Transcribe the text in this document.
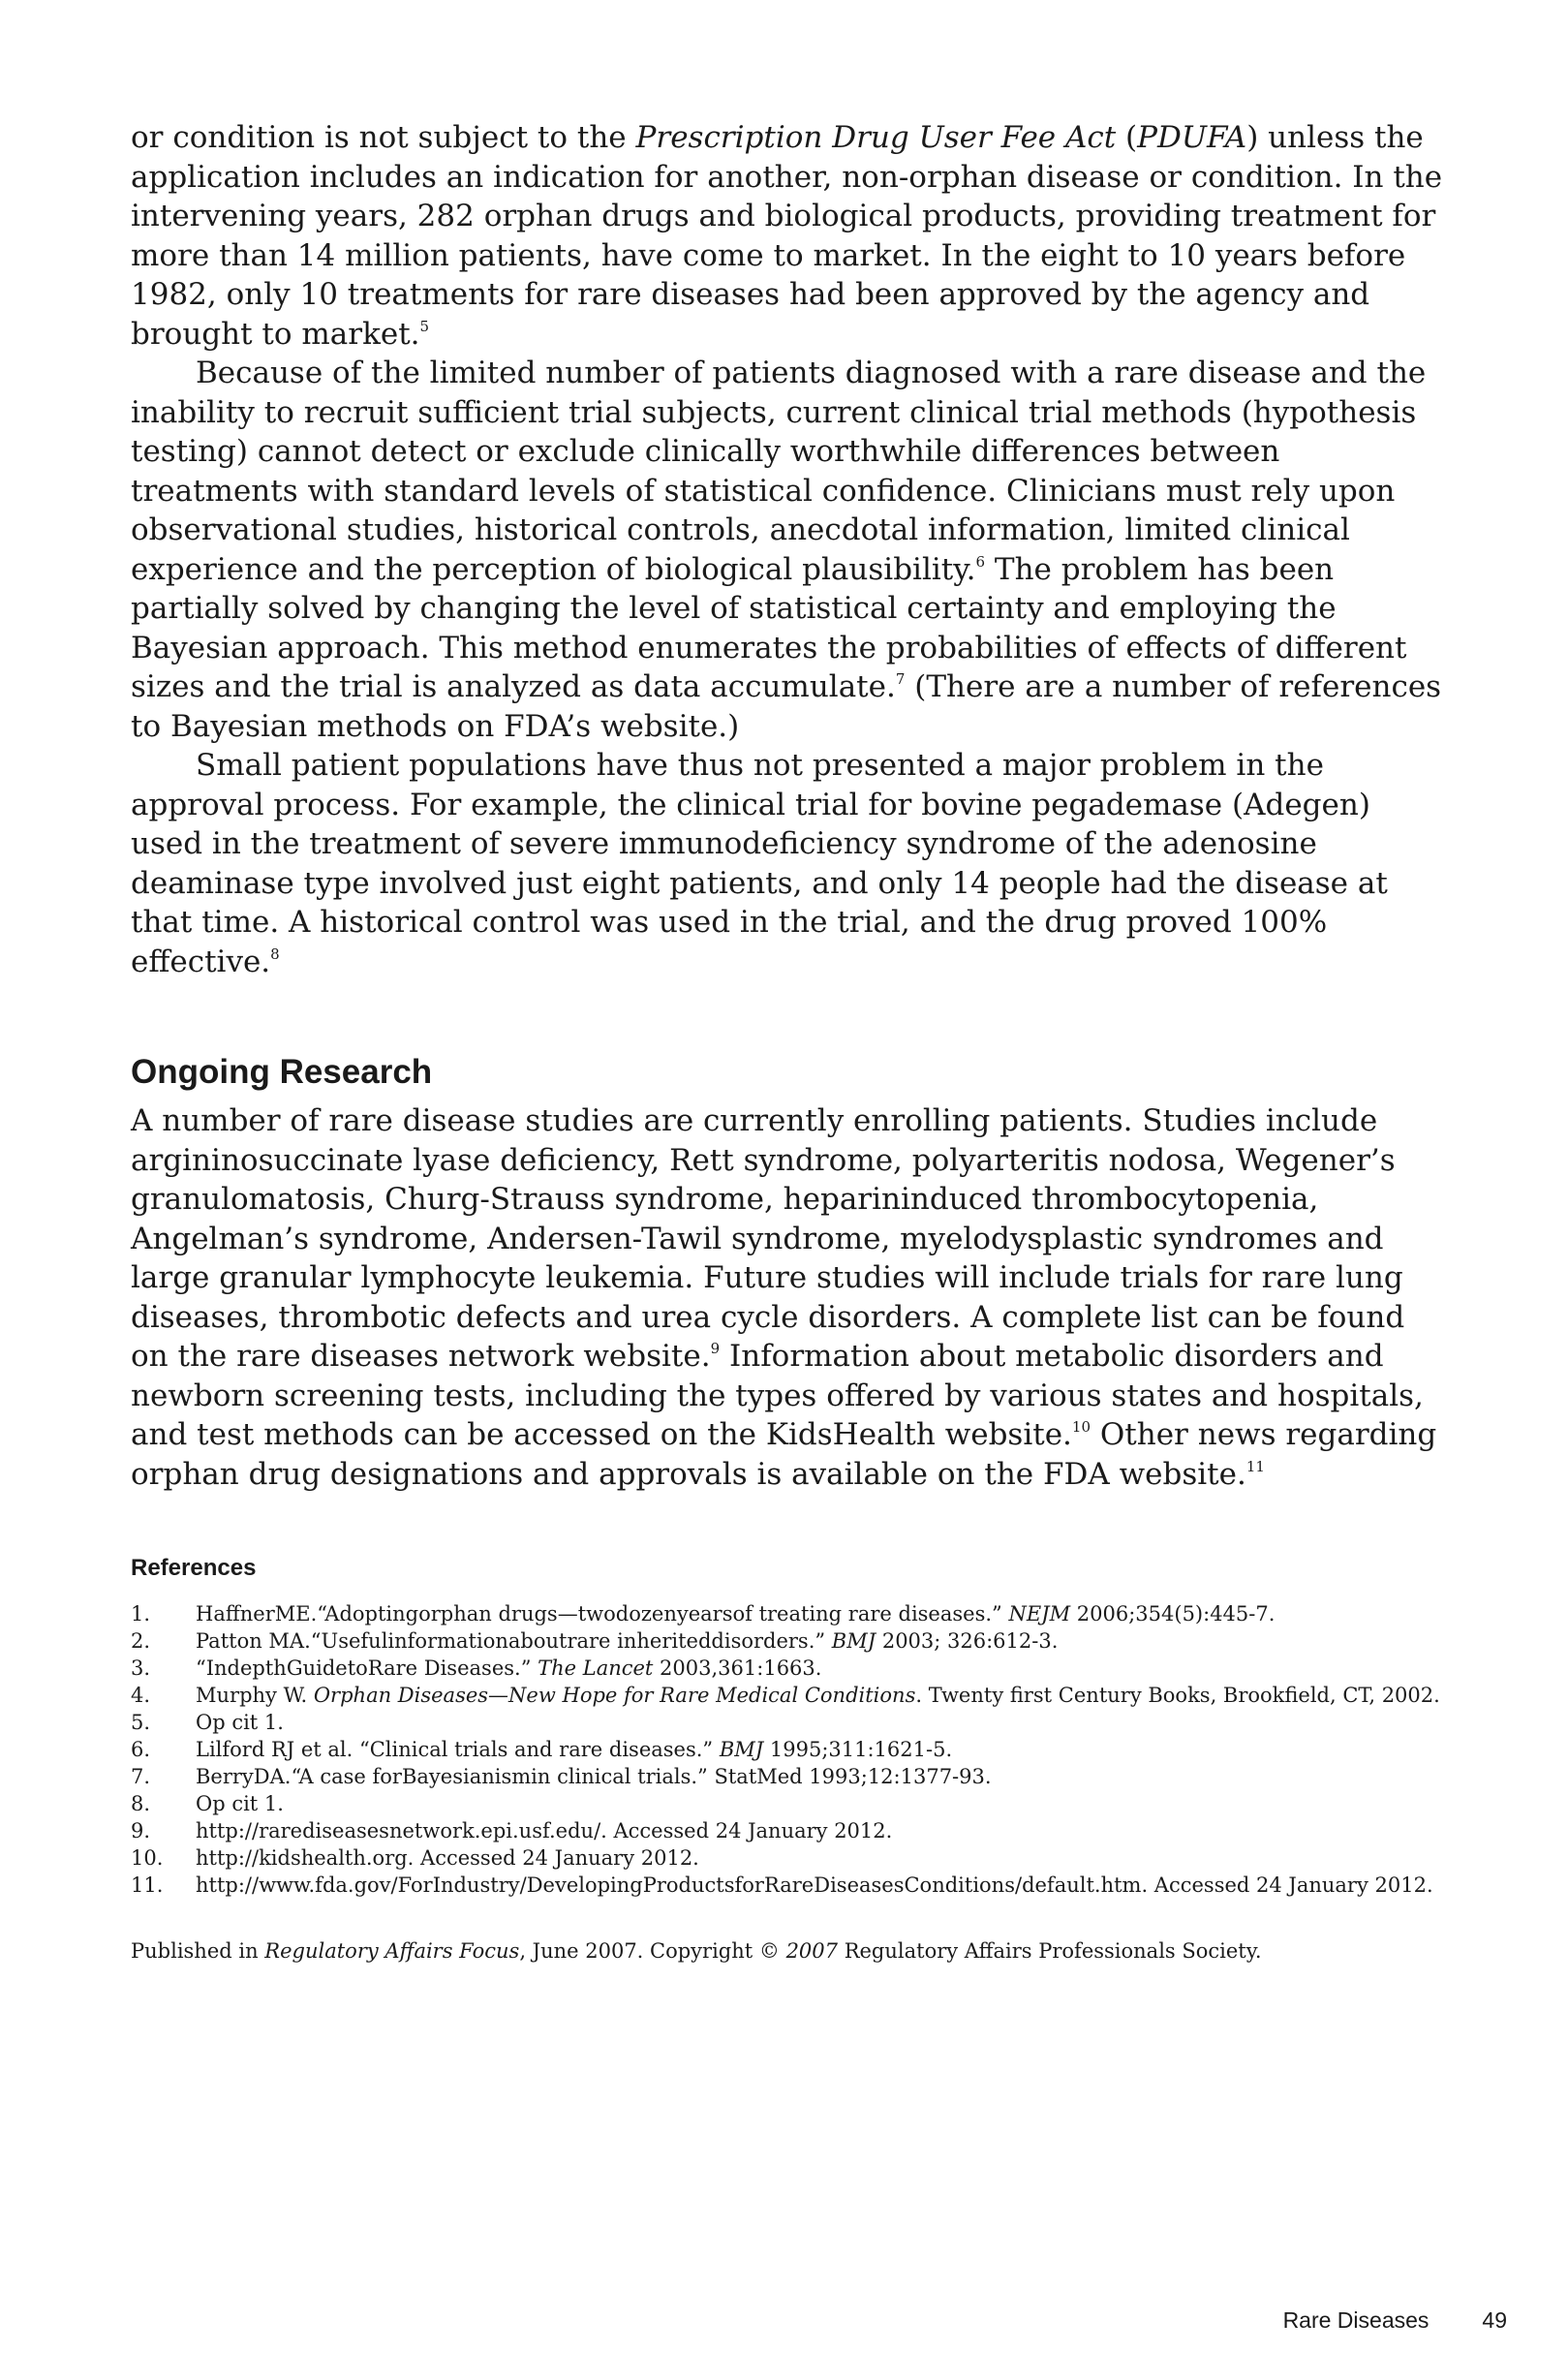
or condition is not subject to the Prescription Drug User Fee Act (PDUFA) unless the application includes an indication for another, non-orphan disease or condition. In the intervening years, 282 orphan drugs and biological products, providing treatment for more than 14 million patients, have come to market. In the eight to 10 years before 1982, only 10 treatments for rare diseases had been approved by the agency and brought to market.$^5$

Because of the limited number of patients diagnosed with a rare disease and the inability to recruit sufficient trial subjects, current clinical trial methods (hypothesis testing) cannot detect or exclude clinically worthwhile differences between treatments with standard levels of statistical confidence. Clinicians must rely upon observational studies, historical controls, anecdotal information, limited clinical experience and the perception of biological plausibility.$^6$ The problem has been partially solved by changing the level of statistical certainty and employing the Bayesian approach. This method enumerates the probabilities of effects of different sizes and the trial is analyzed as data accumulate.$^7$ (There are a number of references to Bayesian methods on FDA’s website.)

Small patient populations have thus not presented a major problem in the approval process. For example, the clinical trial for bovine pegademase (Adegen) used in the treatment of severe immunodeficiency syndrome of the adenosine deaminase type involved just eight patients, and only 14 people had the disease at that time. A historical control was used in the trial, and the drug proved 100% effective.$^8$

Ongoing Research

A number of rare disease studies are currently enrolling patients. Studies include argininosuccinate lyase deficiency, Rett syndrome, polyarteritis nodosa, Wegener’s granulomatosis, Churg-Strauss syndrome, heparininduced thrombocytopenia, Angelman’s syndrome, Andersen-Tawil syndrome, myelodysplastic syndromes and large granular lymphocyte leukemia. Future studies will include trials for rare lung diseases, thrombotic defects and urea cycle disorders. A complete list can be found on the rare diseases network website.$^9$ Information about metabolic disorders and newborn screening tests, including the types offered by various states and hospitals, and test methods can be accessed on the KidsHealth website.$^{10}$ Other news regarding orphan drug designations and approvals is available on the FDA website.$^{11}$

References
1.	HaffnerME.“Adoptingorphan drugs—twodozenyearsof treating rare diseases.” NEJM 2006;354(5):445-7.
2.	Patton MA.“Usefulinformationaboutrare inheriteddisorders.” BMJ 2003; 326:612-3.
3.	“IndepthGuidetoRare Diseases.” The Lancet 2003,361:1663.
4.	Murphy W. Orphan Diseases—New Hope for Rare Medical Conditions. Twenty first Century Books, Brookfield, CT, 2002.
5.	Op cit 1.
6.	Lilford RJ et al. “Clinical trials and rare diseases.” BMJ 1995;311:1621-5.
7.	BerryDA.“A case forBayesianismin clinical trials.” StatMed 1993;12:1377-93.
8.	Op cit 1.
9.	http://rarediseasesnetwork.epi.usf.edu/. Accessed 24 January 2012.
10.	http://kidshealth.org. Accessed 24 January 2012.
11.	http://www.fda.gov/ForIndustry/DevelopingProductsforRareDiseasesConditions/default.htm. Accessed 24 January 2012.

Published in Regulatory Affairs Focus, June 2007. Copyright © 2007 Regulatory Affairs Professionals Society.

Rare Diseases 49
